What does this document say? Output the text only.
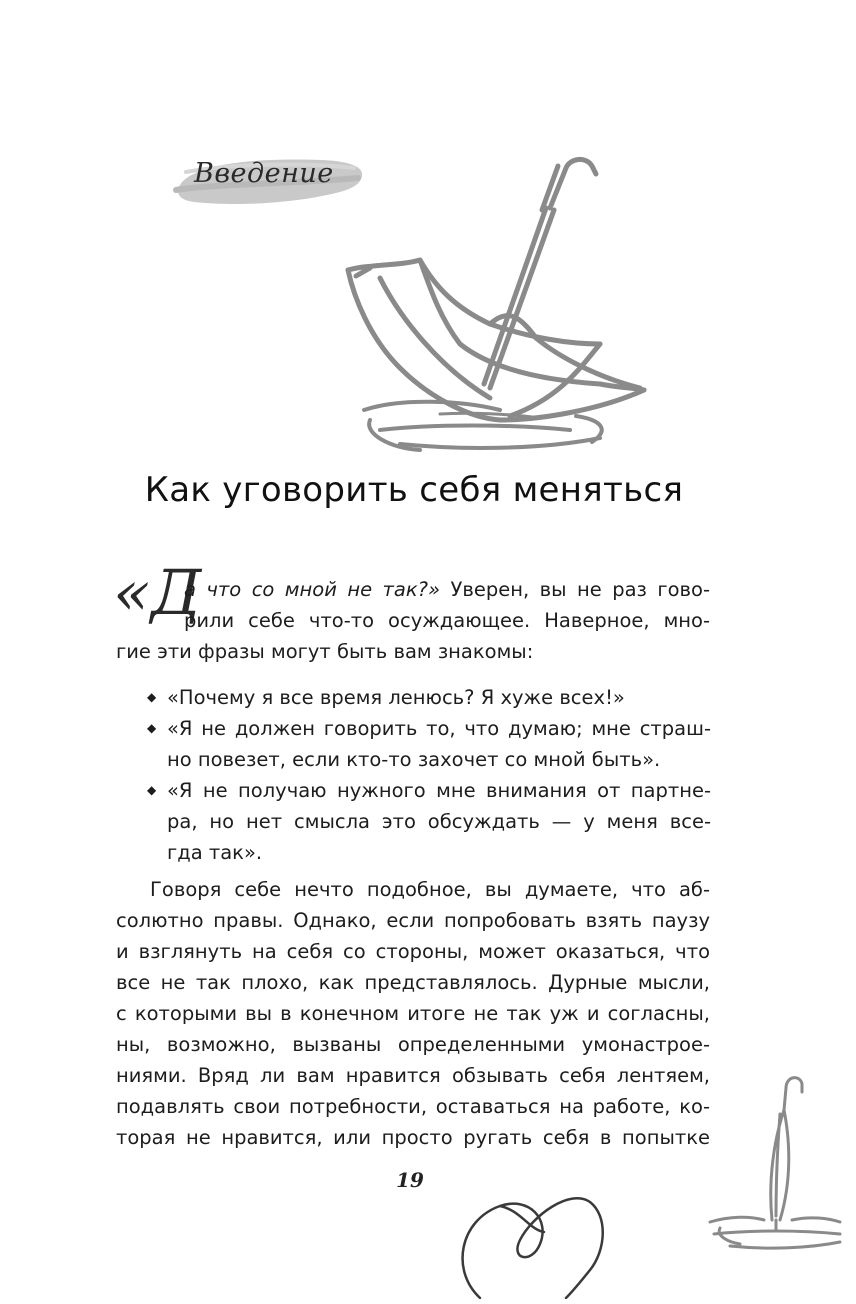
Введение
Как уговорить себя меняться
«Д
а что со мной не так?» Уверен, вы не раз гово-
рили себе что-то осуждающее. Наверное, мно-
гие эти фразы могут быть вам знакомы:
◆ «Почему я все время ленюсь? Я хуже всех!»
◆ «Я не должен говорить то, что думаю; мне страш-
но повезет, если кто-то захочет со мной быть».
◆ «Я не получаю нужного мне внимания от партне-
ра, но нет смысла это обсуждать — у меня все-
гда так».
Говоря себе нечто подобное, вы думаете, что аб-
солютно правы. Однако, если попробовать взять паузу
и взглянуть на себя со стороны, может оказаться, что
все не так плохо, как представлялось. Дурные мысли,
с которыми вы в конечном итоге не так уж и согласны,
ны, возможно, вызваны определенными умонастрое-
ниями. Вряд ли вам нравится обзывать себя лентяем,
подавлять свои потребности, оставаться на работе, ко-
торая не нравится, или просто ругать себя в попытке
19
